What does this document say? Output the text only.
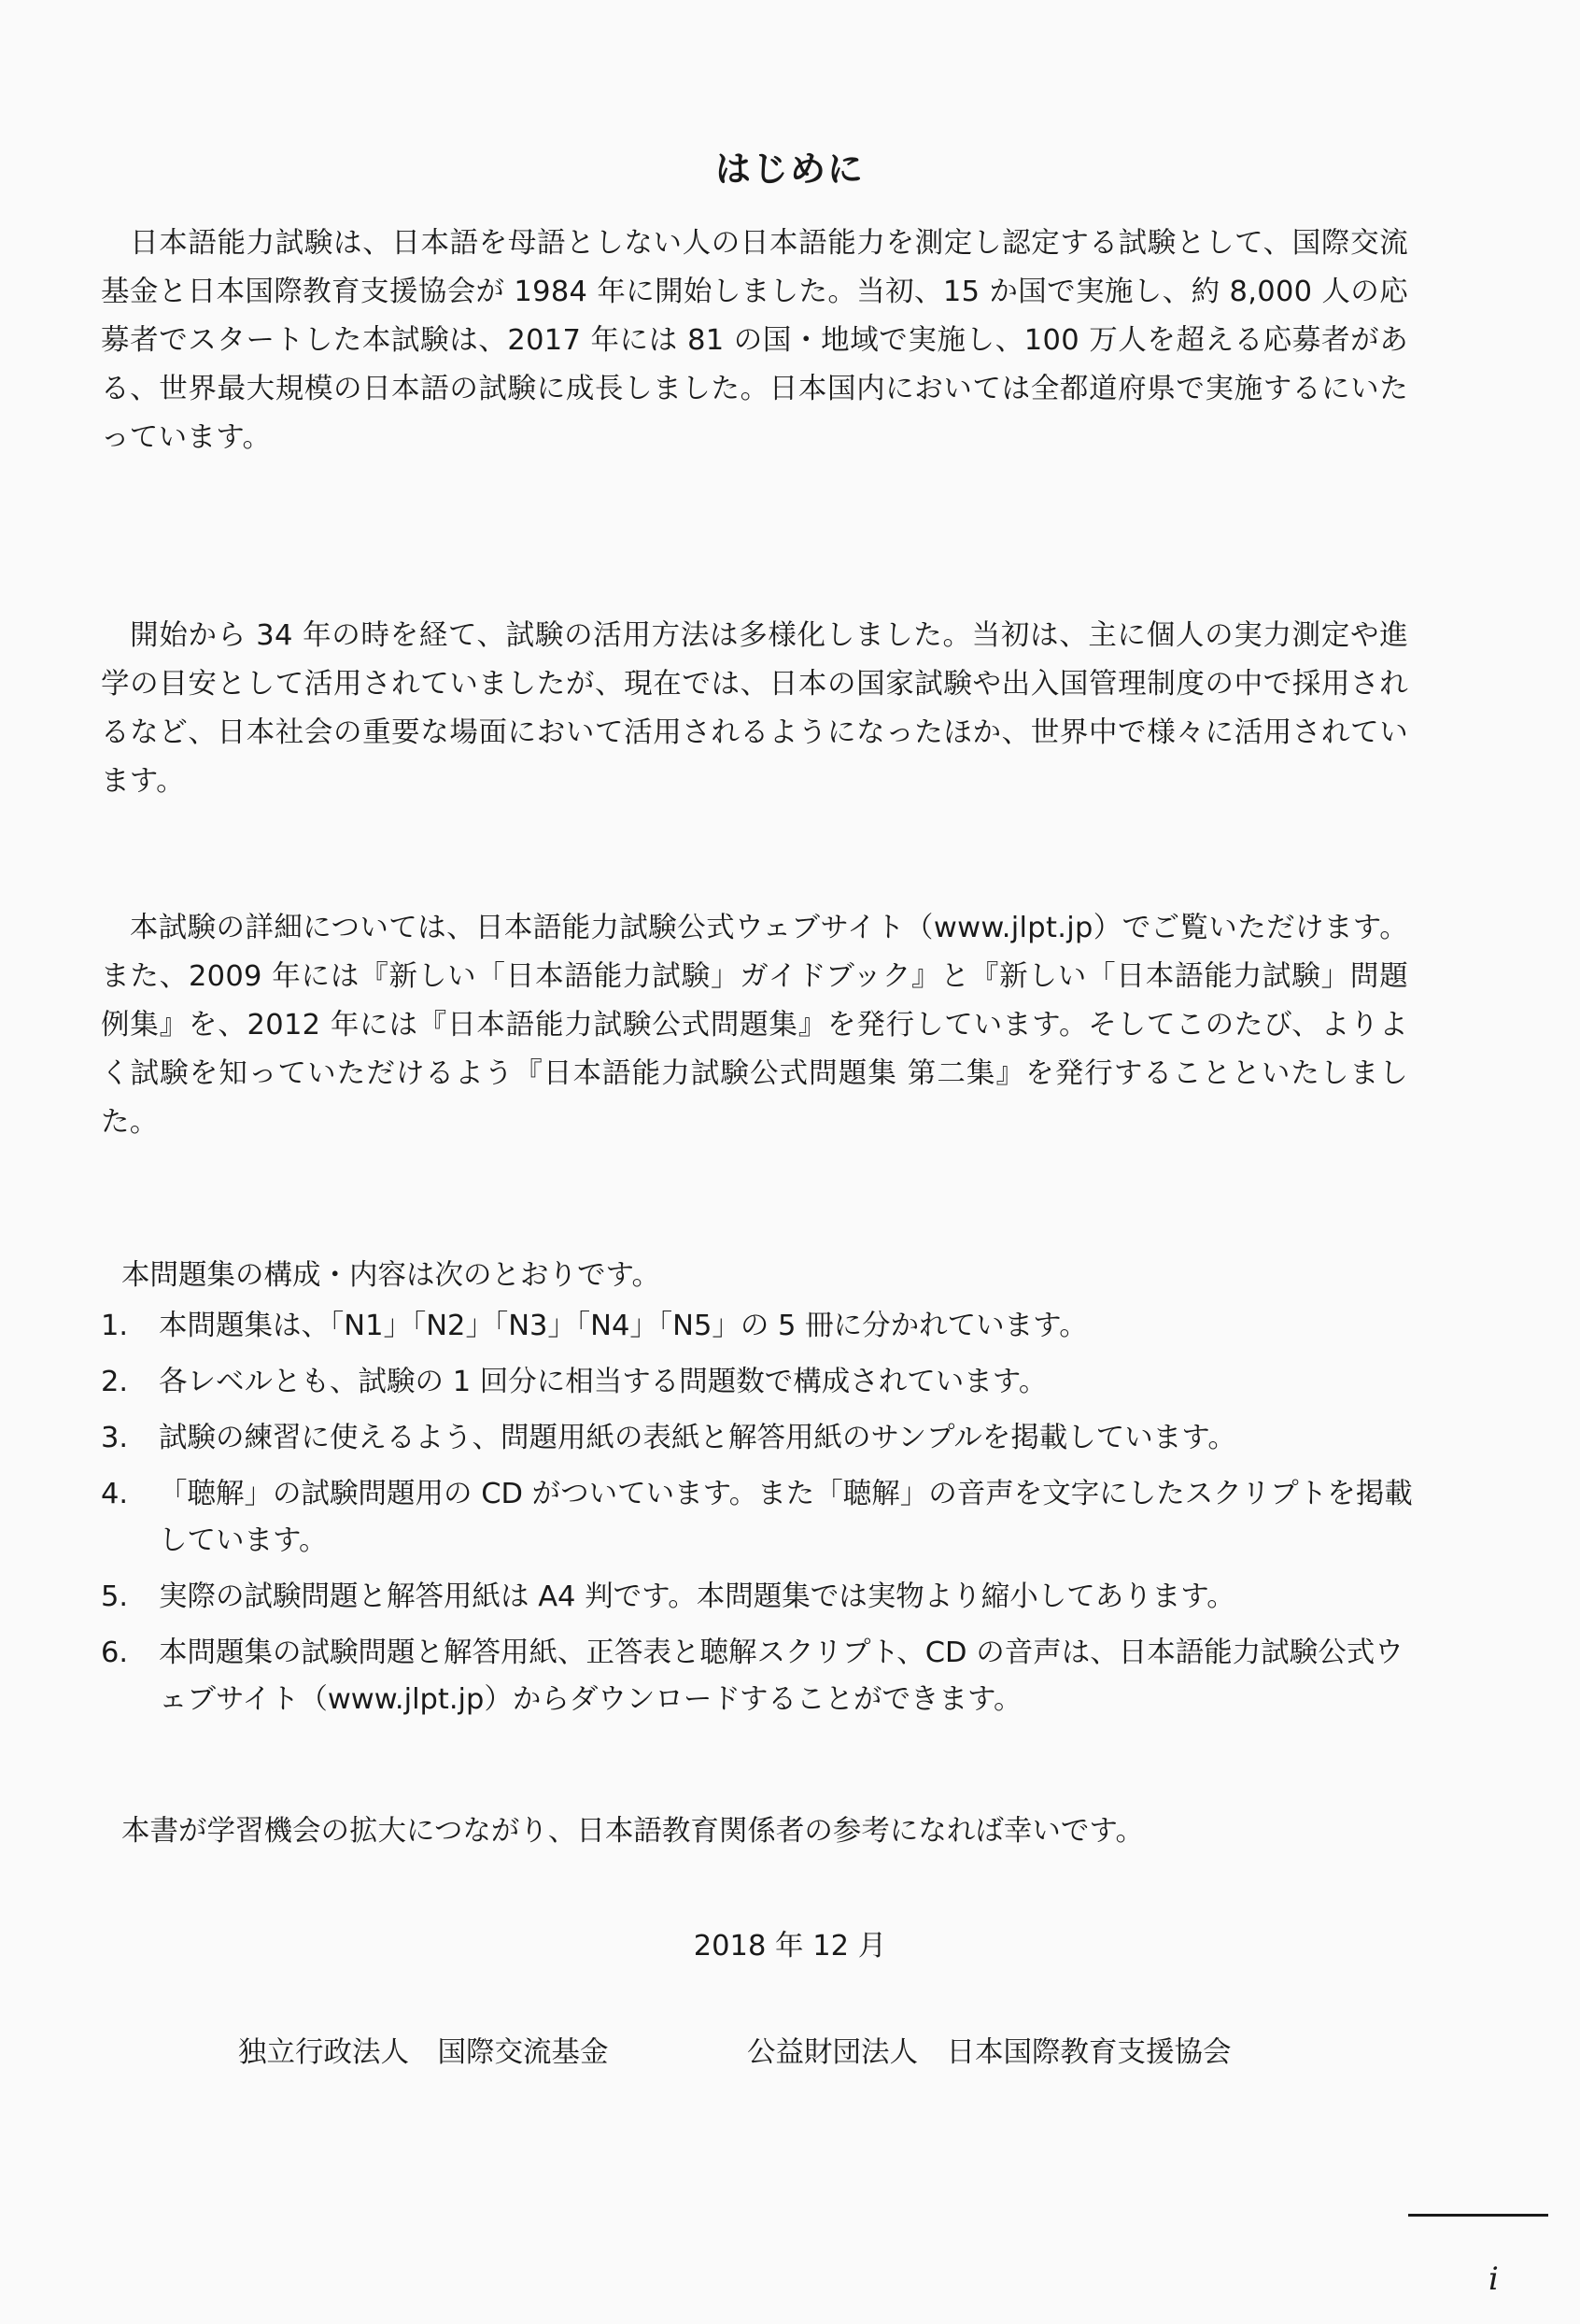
はじめに

　日本語能力試験は、日本語を母語としない人の日本語能力を測定し認定する試験として、国際交流基金と日本国際教育支援協会が 1984 年に開始しました。当初、15 か国で実施し、約 8,000 人の応募者でスタートした本試験は、2017 年には 81 の国・地域で実施し、100 万人を超える応募者がある、世界最大規模の日本語の試験に成長しました。日本国内においては全都道府県で実施するにいたっています。

　開始から 34 年の時を経て、試験の活用方法は多様化しました。当初は、主に個人の実力測定や進学の目安として活用されていましたが、現在では、日本の国家試験や出入国管理制度の中で採用されるなど、日本社会の重要な場面において活用されるようになったほか、世界中で様々に活用されています。

　本試験の詳細については、日本語能力試験公式ウェブサイト（www.jlpt.jp）でご覧いただけます。また、2009 年には『新しい「日本語能力試験」ガイドブック』と『新しい「日本語能力試験」問題例集』を、2012 年には『日本語能力試験公式問題集』を発行しています。そしてこのたび、よりよく試験を知っていただけるよう『日本語能力試験公式問題集 第二集』を発行することといたしました。

本問題集の構成・内容は次のとおりです。
1. 本問題集は、「N1」「N2」「N3」「N4」「N5」の 5 冊に分かれています。
2. 各レベルとも、試験の 1 回分に相当する問題数で構成されています。
3. 試験の練習に使えるよう、問題用紙の表紙と解答用紙のサンプルを掲載しています。
4. 「聴解」の試験問題用の CD がついています。また「聴解」の音声を文字にしたスクリプトを掲載しています。
5. 実際の試験問題と解答用紙は A4 判です。本問題集では実物より縮小してあります。
6. 本問題集の試験問題と解答用紙、正答表と聴解スクリプト、CD の音声は、日本語能力試験公式ウェブサイト（www.jlpt.jp）からダウンロードすることができます。
本書が学習機会の拡大につながり、日本語教育関係者の参考になれば幸いです。
2018 年 12 月
独立行政法人　国際交流基金	公益財団法人　日本国際教育支援協会
i
